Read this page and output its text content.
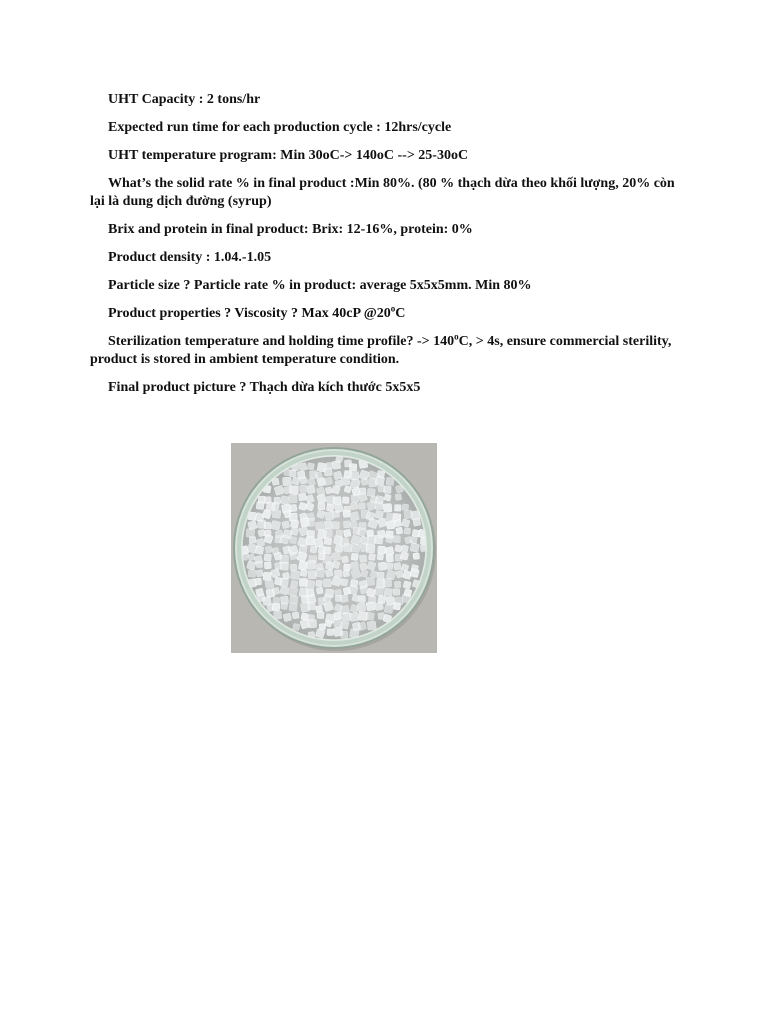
UHT Capacity : 2 tons/hr

Expected run time for each production cycle : 12hrs/cycle

UHT temperature program: Min 30oC-> 140oC --> 25-30oC

What’s the solid rate % in final product :Min 80%. (80 % thạch dừa theo khối lượng, 20% còn lại là dung dịch đường (syrup)

Brix and protein in final product: Brix: 12-16%, protein: 0%

Product density : 1.04.-1.05

Particle size ? Particle rate % in product: average 5x5x5mm. Min 80%

Product properties ? Viscosity ? Max 40cP @20$^o$C

Sterilization temperature and holding time profile? -> $140^oC$, > 4s, ensure commercial sterility, product is stored in ambient temperature condition.

Final product picture ? Thạch dừa kích thước 5x5x5
